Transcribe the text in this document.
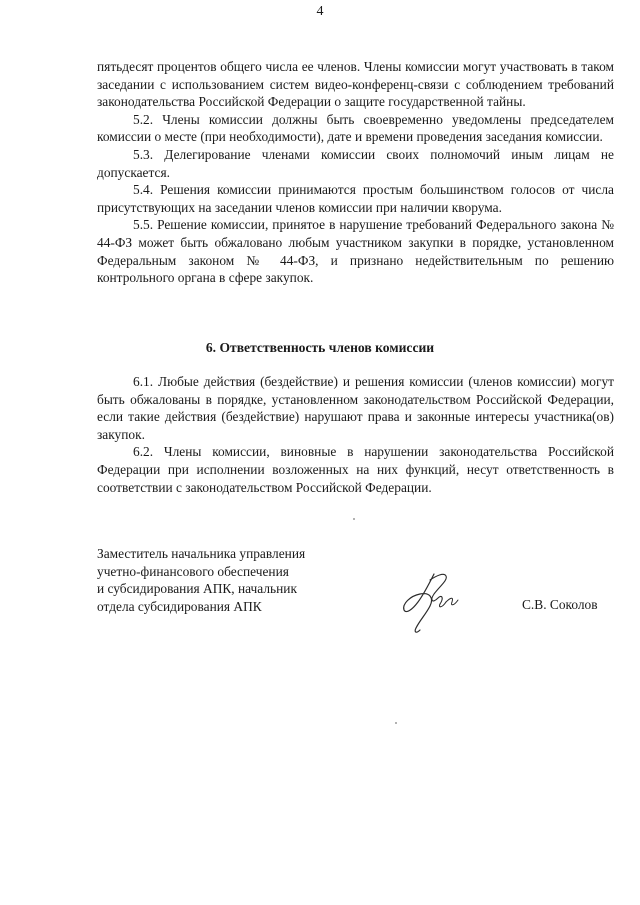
4

пятьдесят процентов общего числа ее членов. Члены комиссии могут участвовать в таком заседании с использованием систем видео-конференц-связи с соблюдением требований законодательства Российской Федерации о защите государственной тайны.

5.2. Члены комиссии должны быть своевременно уведомлены председателем комиссии о месте (при необходимости), дате и времени проведения заседания комиссии.

5.3. Делегирование членами комиссии своих полномочий иным лицам не допускается.

5.4. Решения комиссии принимаются простым большинством голосов от числа присутствующих на заседании членов комиссии при наличии кворума.

5.5. Решение комиссии, принятое в нарушение требований Федерального закона № 44-ФЗ может быть обжаловано любым участником закупки в порядке, установленном Федеральным законом № 44-ФЗ, и признано недействительным по решению контрольного органа в сфере закупок.

6. Ответственность членов комиссии

6.1. Любые действия (бездействие) и решения комиссии (членов комиссии) могут быть обжалованы в порядке, установленном законодательством Российской Федерации, если такие действия (бездействие) нарушают права и законные интересы участника(ов) закупок.

6.2. Члены комиссии, виновные в нарушении законодательства Российской Федерации при исполнении возложенных на них функций, несут ответственность в соответствии с законодательством Российской Федерации.

Заместитель начальника управления
учетно-финансового обеспечения
и субсидирования АПК, начальник
отдела субсидирования АПК	С.В. Соколов
